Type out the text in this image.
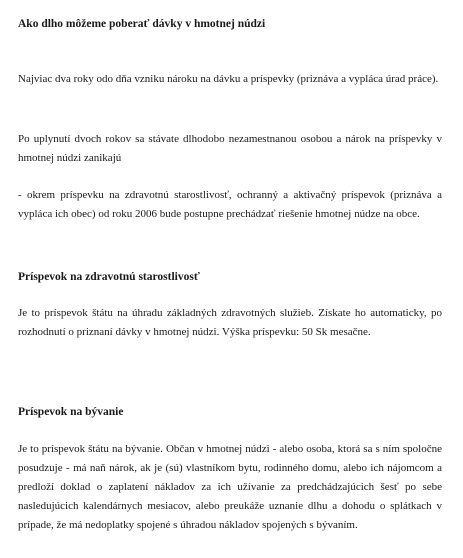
Ako dlho môžeme poberať dávky v hmotnej núdzi
Najviac dva roky odo dňa vzniku nároku na dávku a príspevky (priznáva a vypláca úrad práce).
Po uplynutí dvoch rokov sa stávate dlhodobo nezamestnanou osobou a nárok na príspevky v hmotnej núdzi zanikajú
- okrem príspevku na zdravotnú starostlivosť, ochranný a aktivačný príspevok (priznáva a vypláca ich obec) od roku 2006 bude postupne prechádzať riešenie hmotnej núdze na obce.
Príspevok na zdravotnú starostlivosť
Je to príspevok štátu na úhradu základných zdravotných služieb. Získate ho automaticky, po rozhodnutí o priznaní dávky v hmotnej núdzi. Výška príspevku: 50 Sk mesačne.
Príspevok na bývanie
Je to príspevok štátu na bývanie. Občan v hmotnej núdzi - alebo osoba, ktorá sa s ním spoločne posudzuje - má naň nárok, ak je (sú) vlastníkom bytu, rodinného domu, alebo ich nájomcom a predloží doklad o zaplatení nákladov za ich užívanie za predchádzajúcich šesť po sebe nasledujúcich kalendárnych mesiacov, alebo preukáže uznanie dlhu a dohodu o splátkach v prípade, že má nedoplatky spojené s úhradou nákladov spojených s bývaním.
